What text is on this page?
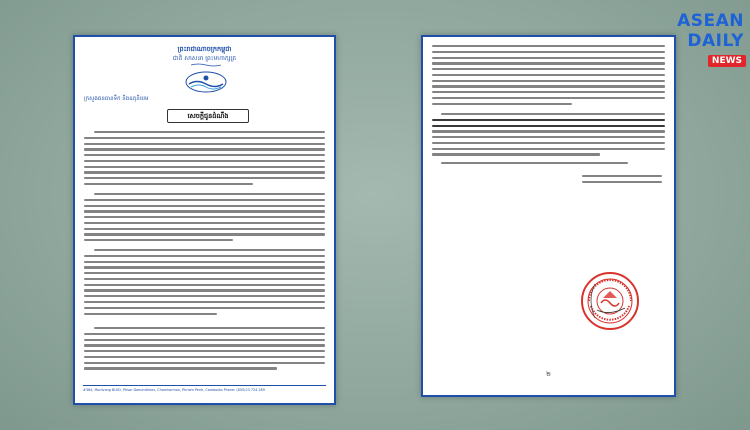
ព្រះរាជាណាចក្រកម្ពុជា
ជាតិ សាសនា ព្រះមហាក្សត្រ
ក្រសួងធនធានទឹក និងឧតុនិយម
សេចក្តីជូនដំណឹង
#364, Monivong BLVD, Phsar Doeumthkov, Chamkarmon, Phnom Penh, Cambodia Phone: (855)23 724 289
២
ASEAN
DAILY
NEWS
